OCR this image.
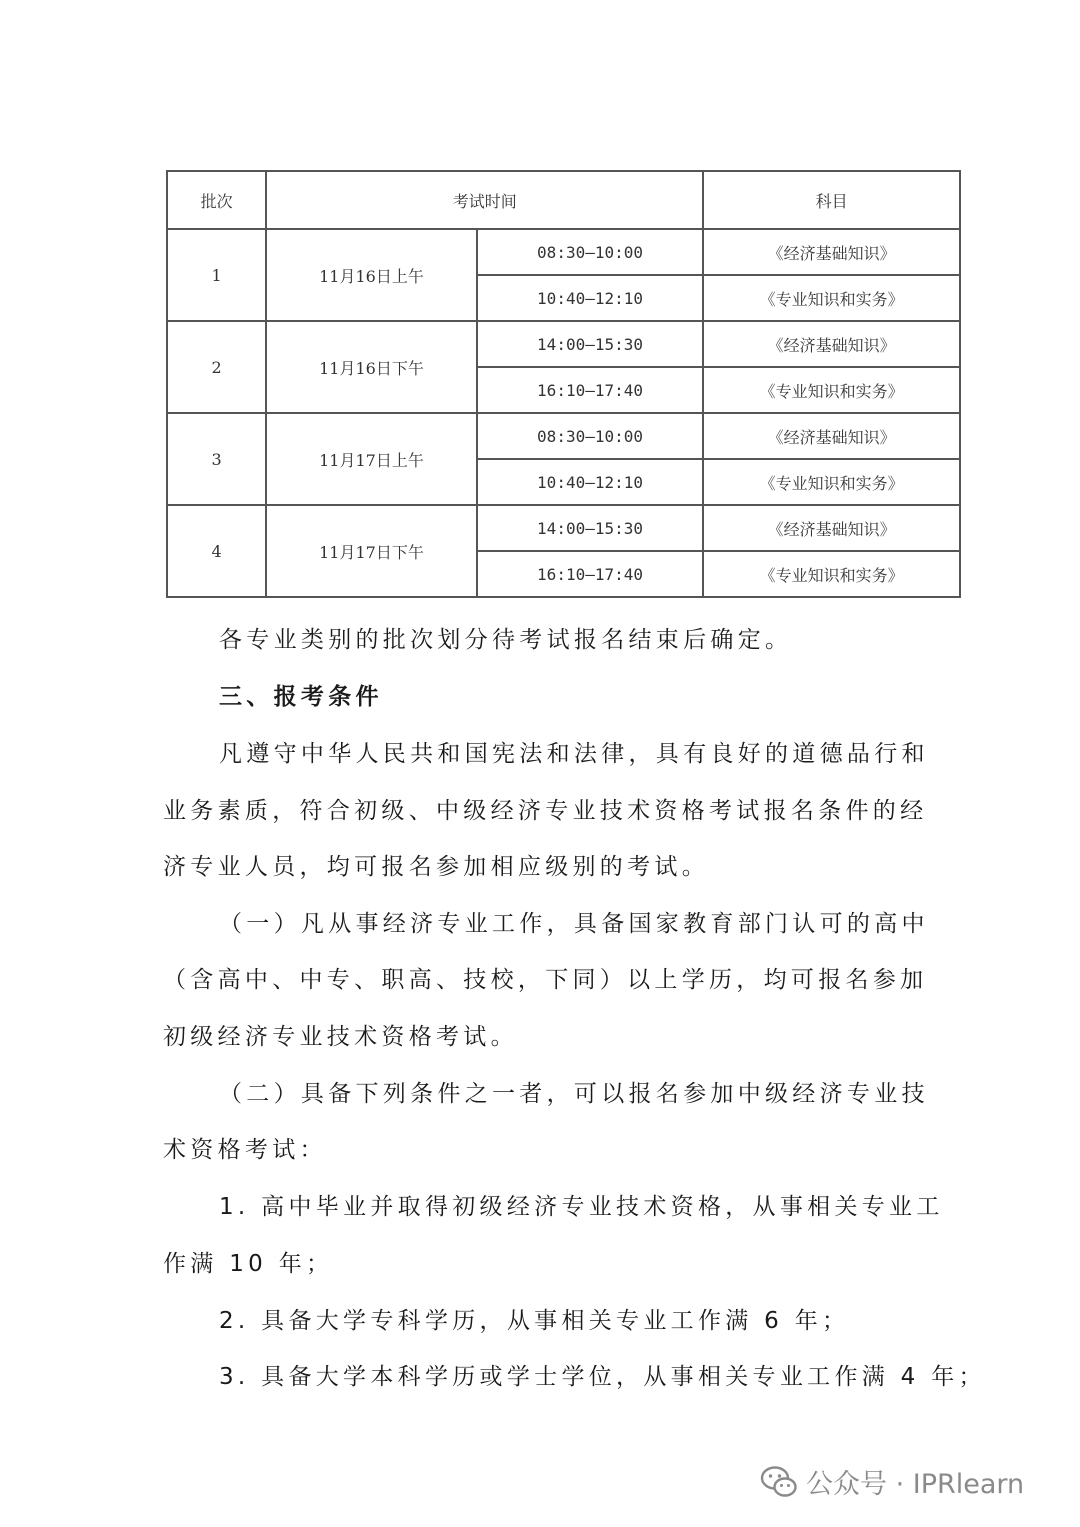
批次	考试时间		科目
1	11月16日上午	08:30—10:00	《经济基础知识》
		10:40—12:10	《专业知识和实务》
2	11月16日下午	14:00—15:30	《经济基础知识》
		16:10—17:40	《专业知识和实务》
3	11月17日上午	08:30—10:00	《经济基础知识》
		10:40—12:10	《专业知识和实务》
4	11月17日下午	14:00—15:30	《经济基础知识》
		16:10—17:40	《专业知识和实务》

各专业类别的批次划分待考试报名结束后确定。

三、报考条件

凡遵守中华人民共和国宪法和法律，具有良好的道德品行和

业务素质，符合初级、中级经济专业技术资格考试报名条件的经

济专业人员，均可报名参加相应级别的考试。

（一）凡从事经济专业工作，具备国家教育部门认可的高中

（含高中、中专、职高、技校，下同）以上学历，均可报名参加

初级经济专业技术资格考试。

（二）具备下列条件之一者，可以报名参加中级经济专业技

术资格考试：

1. 高中毕业并取得初级经济专业技术资格，从事相关专业工

作满 10 年；

2. 具备大学专科学历，从事相关专业工作满 6 年；

3. 具备大学本科学历或学士学位，从事相关专业工作满 4 年；

公众号 · IPRlearn
